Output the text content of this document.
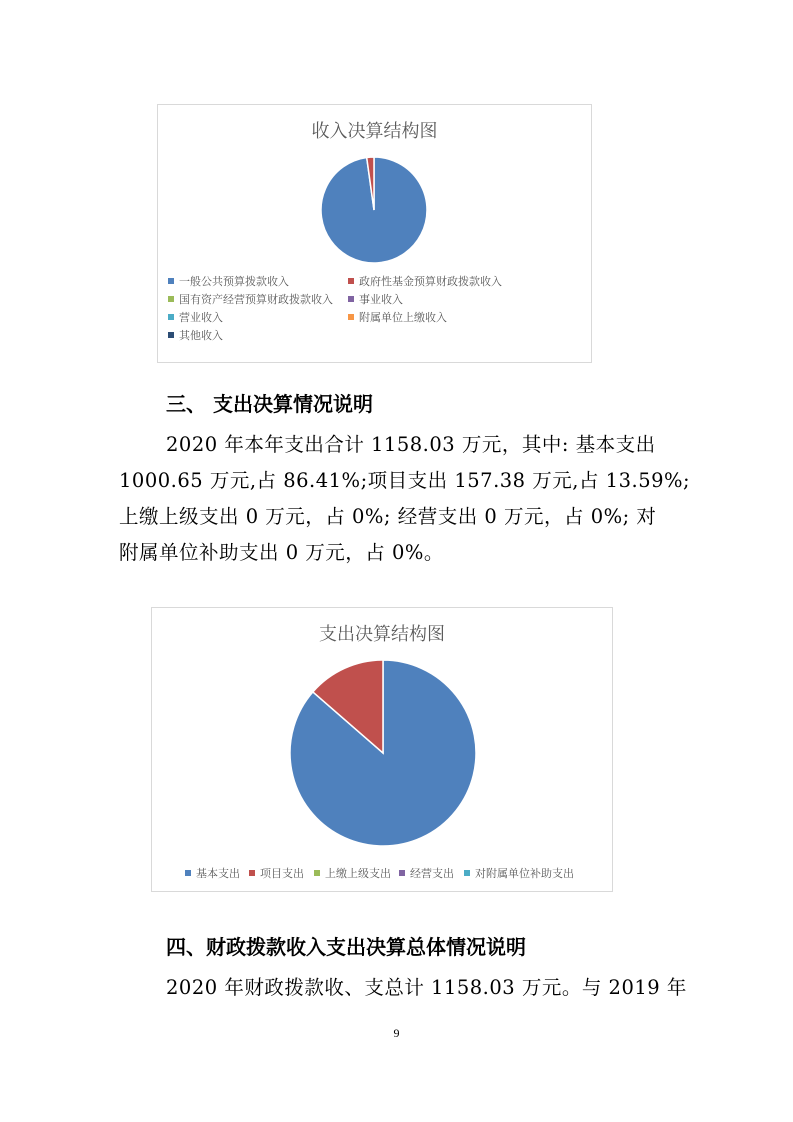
收入决算结构图
一般公共预算拨款收入	政府性基金预算财政拨款收入
国有资产经营预算财政拨款收入 事业收入
营业收入	附属单位上缴收入
其他收入
三、 支出决算情况说明
2020 年本年支出合计 1158.03 万元，其中: 基本支出
1000.65 万元,占 86.41%;项目支出 157.38 万元,占 13.59%;
上缴上级支出 0 万元，占 0%; 经营支出 0 万元，占 0%; 对
附属单位补助支出 0 万元，占 0%。
支出决算结构图
基本支出 项目支出 上缴上级支出 经营支出 对附属单位补助支出
四、财政拨款收入支出决算总体情况说明
2020 年财政拨款收、支总计 1158.03 万元。与 2019 年
9
